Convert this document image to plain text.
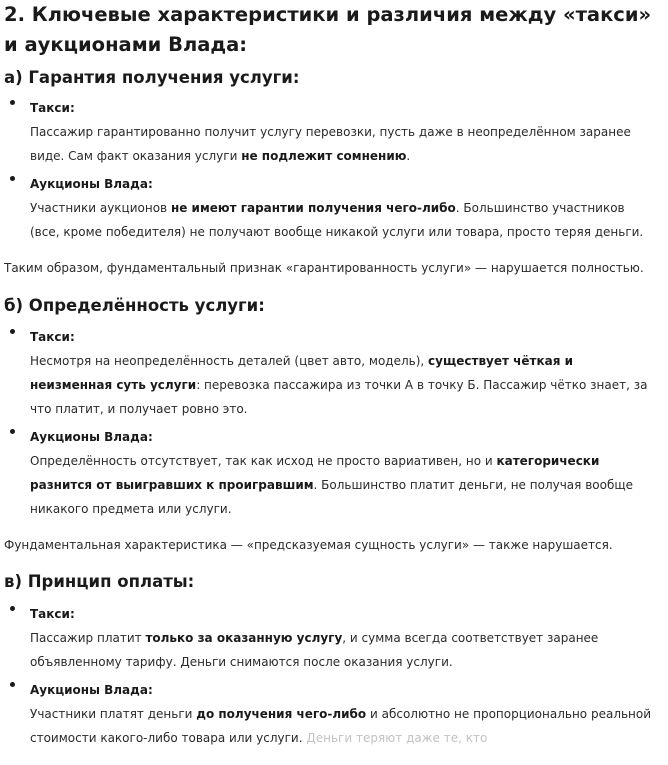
2. Ключевые характеристики и различия между «такси» и аукционами Влада:
а) Гарантия получения услуги:
Такси:
Пассажир гарантированно получит услугу перевозки, пусть даже в неопределённом заранее виде. Сам факт оказания услуги не подлежит сомнению.
Аукционы Влада:
Участники аукционов не имеют гарантии получения чего-либо. Большинство участников (все, кроме победителя) не получают вообще никакой услуги или товара, просто теряя деньги.

Таким образом, фундаментальный признак «гарантированность услуги» — нарушается полностью.

б) Определённость услуги:
Такси:
Несмотря на неопределённость деталей (цвет авто, модель), существует чёткая и неизменная суть услуги: перевозка пассажира из точки А в точку Б. Пассажир чётко знает, за что платит, и получает ровно это.
Аукционы Влада:
Определённость отсутствует, так как исход не просто вариативен, но и категорически разнится от выигравших к проигравшим. Большинство платит деньги, не получая вообще никакого предмета или услуги.

Фундаментальная характеристика — «предсказуемая сущность услуги» — также нарушается.

в) Принцип оплаты:
Такси:
Пассажир платит только за оказанную услугу, и сумма всегда соответствует заранее объявленному тарифу. Деньги снимаются после оказания услуги.
Аукционы Влада:
Участники платят деньги до получения чего-либо и абсолютно не пропорционально реальной стоимости какого-либо товара или услуги. Деньги теряют даже те, кто
